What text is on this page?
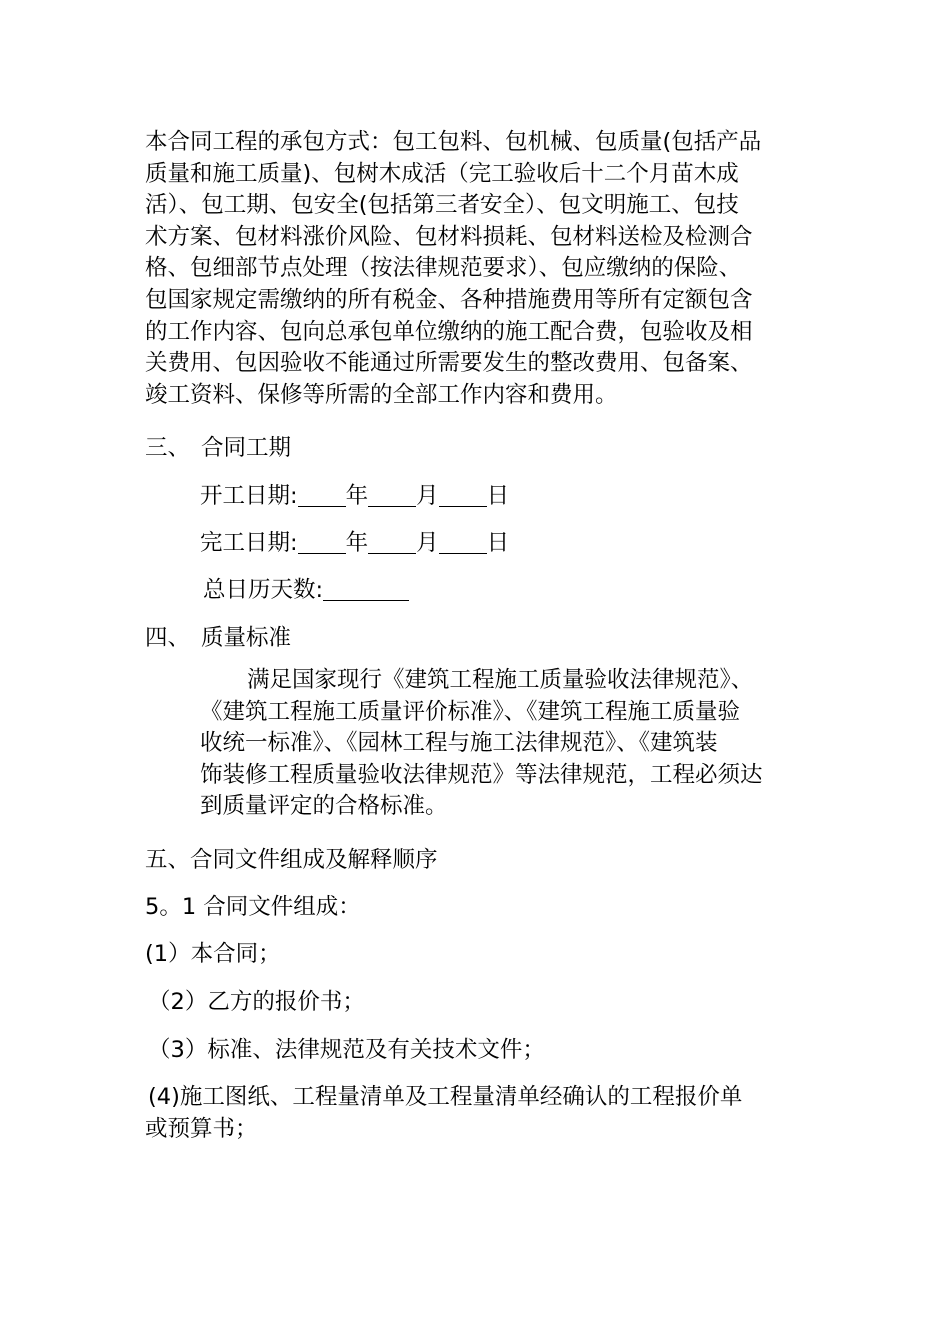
本合同工程的承包方式：包工包料、包机械、包质量(包括产品
质量和施工质量)、包树木成活（完工验收后十二个月苗木成
活）、包工期、包安全(包括第三者安全）、包文明施工、包技
术方案、包材料涨价风险、包材料损耗、包材料送检及检测合
格、包细部节点处理（按法律规范要求）、包应缴纳的保险、
包国家规定需缴纳的所有税金、各种措施费用等所有定额包含
的工作内容、包向总承包单位缴纳的施工配合费，包验收及相
关费用、包因验收不能通过所需要发生的整改费用、包备案、
竣工资料、保修等所需的全部工作内容和费用。
三、 合同工期
开工日期: 年 月 日
完工日期: 年 月 日
总日历天数:
四、 质量标准
满足国家现行《建筑工程施工质量验收法律规范》、
《建筑工程施工质量评价标准》、《建筑工程施工质量验
收统一标准》、《园林工程与施工法律规范》、《建筑装
饰装修工程质量验收法律规范》等法律规范，工程必须达
到质量评定的合格标准。
五、合同文件组成及解释顺序
5。1 合同文件组成：
(1）本合同；
（2）乙方的报价书；
（3）标准、法律规范及有关技术文件；
(4)施工图纸、工程量清单及工程量清单经确认的工程报价单
或预算书；
